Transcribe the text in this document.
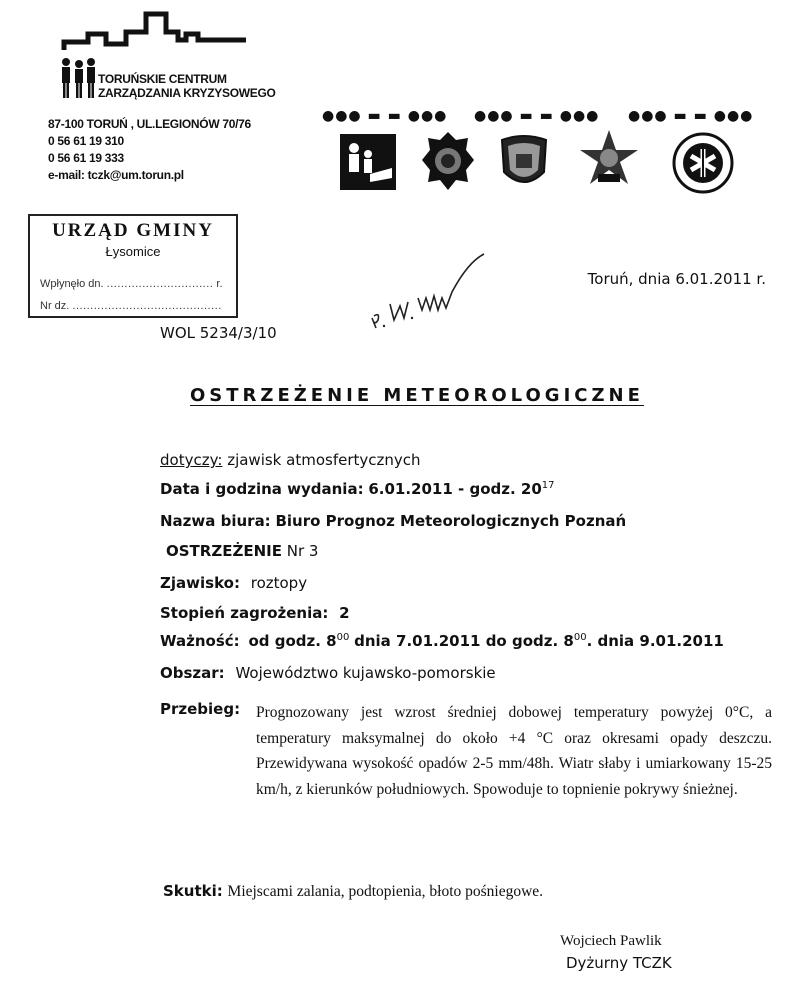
TORUŃSKIE CENTRUM
ZARZĄDZANIA KRYZYSOWEGO
87-100 TORUŃ , UL.LEGIONÓW 70/76
0 56 61 19 310
0 56 61 19 333
e-mail: tczk@um.torun.pl
●●● ▬ ▬ ●●● ●●● ▬ ▬ ●●● ●●● ▬ ▬ ●●●
URZĄD GMINY
Łysomice
Wpłynęło dn. .............................. r.
Nr dz. ..........................................
Toruń, dnia 6.01.2011 r.
WOL 5234/3/10
OSTRZEŻENIE METEOROLOGICZNE
dotyczy: zjawisk atmosfertycznych
Data i godzina wydania: 6.01.2011 - godz. $20^{17}$
Nazwa biura: Biuro Prognoz Meteorologicznych Poznań
OSTRZEŻENIE Nr 3
Zjawisko: roztopy
Stopień zagrożenia: 2
Ważność: od godz. $8^{00}$ dnia 7.01.2011 do godz. $8^{00}$. dnia 9.01.2011
Obszar: Województwo kujawsko-pomorskie
Przebieg: Prognozowany jest wzrost średniej dobowej temperatury powyżej 0°C, a temperatury maksymalnej do około +4 °C oraz okresami opady deszczu. Przewidywana wysokość opadów 2-5 mm/48h. Wiatr słaby i umiarkowany 15-25 km/h, z kierunków południowych. Spowoduje to topnienie pokrywy śnieżnej.
Skutki: Miejscami zalania, podtopienia, błoto pośniegowe.
Wojciech Pawlik
Dyżurny TCZK
